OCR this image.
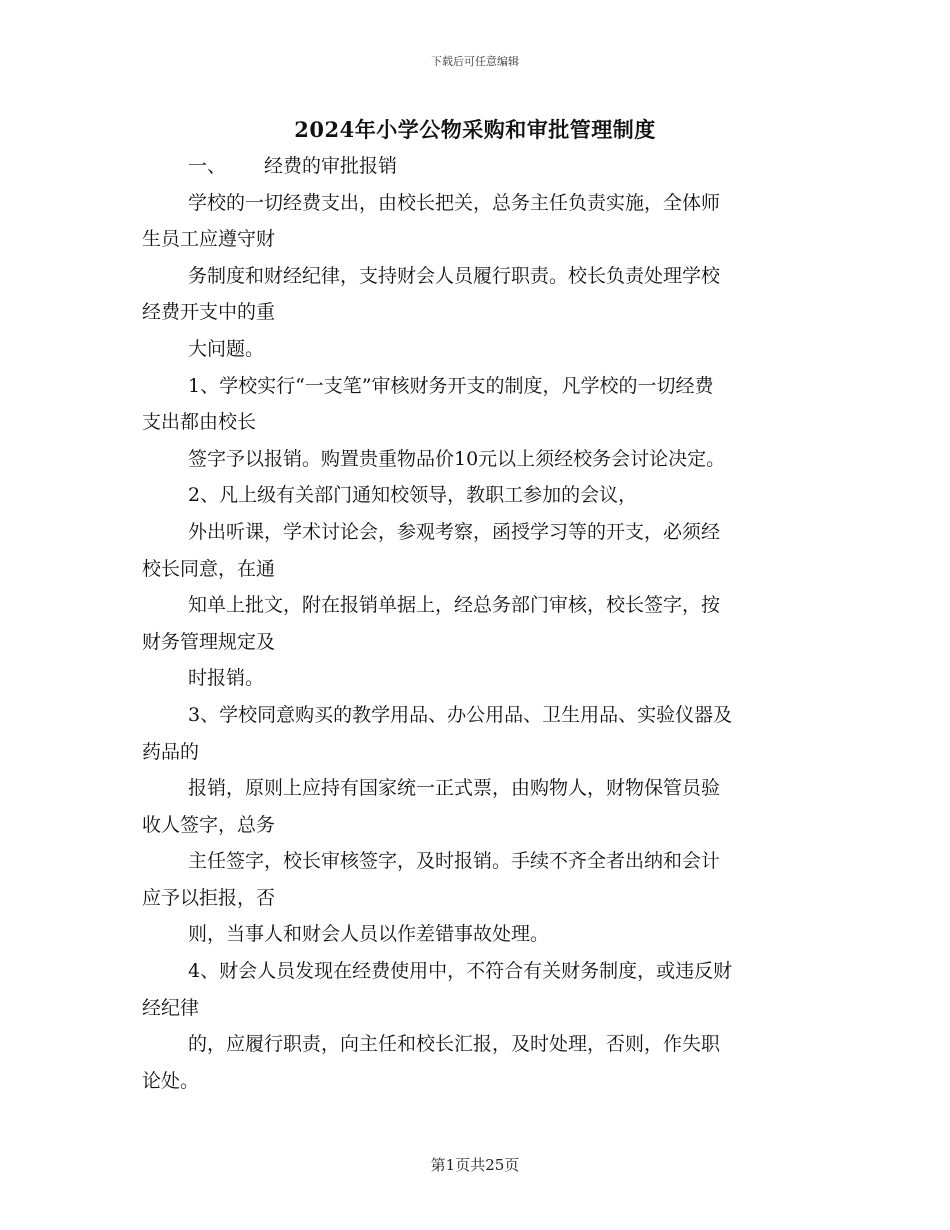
下载后可任意编辑
2024年小学公物采购和审批管理制度
一、 经费的审批报销
学校的一切经费支出，由校长把关，总务主任负责实施，全体师
生员工应遵守财
务制度和财经纪律，支持财会人员履行职责。校长负责处理学校
经费开支中的重
大问题。
1、学校实行“一支笔”审核财务开支的制度，凡学校的一切经费
支出都由校长
签字予以报销。购置贵重物品价10元以上须经校务会讨论决定。
2、凡上级有关部门通知校领导，教职工参加的会议，
外出听课，学术讨论会，参观考察，函授学习等的开支，必须经
校长同意，在通
知单上批文，附在报销单据上，经总务部门审核，校长签字，按
财务管理规定及
时报销。
3、学校同意购买的教学用品、办公用品、卫生用品、实验仪器及
药品的
报销，原则上应持有国家统一正式票，由购物人，财物保管员验
收人签字，总务
主任签字，校长审核签字，及时报销。手续不齐全者出纳和会计
应予以拒报，否
则，当事人和财会人员以作差错事故处理。
4、财会人员发现在经费使用中，不符合有关财务制度，或违反财
经纪律
的，应履行职责，向主任和校长汇报，及时处理，否则，作失职
论处。
第1页共25页
